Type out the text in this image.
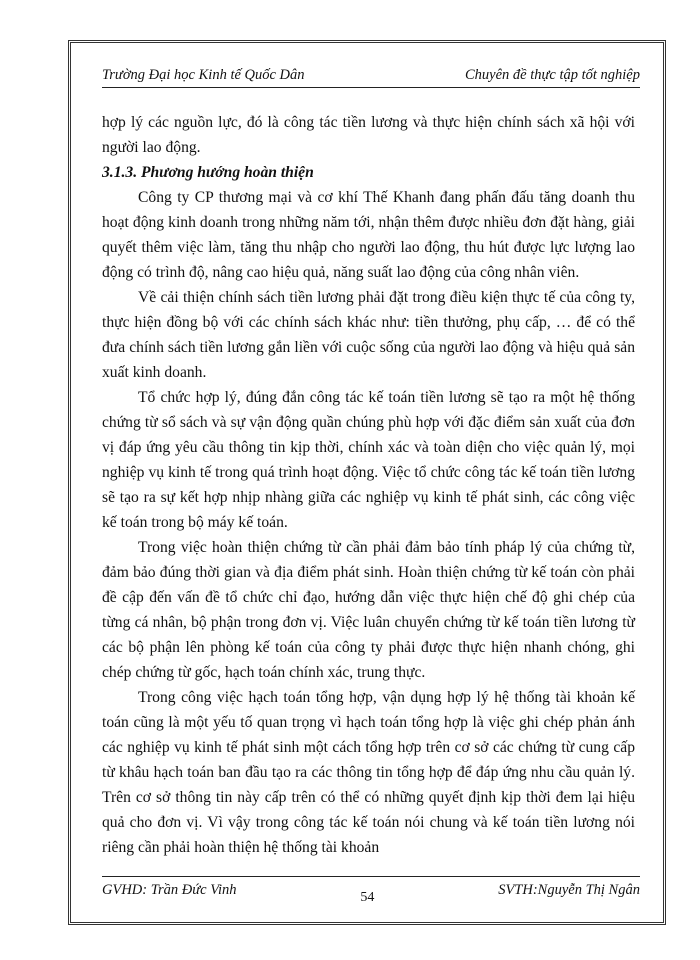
Trường Đại học Kinh tế Quốc Dân	Chuyên đề thực tập tốt nghiệp

hợp lý các nguồn lực, đó là công tác tiền lương và thực hiện chính sách xã hội với người lao động.

3.1.3. Phương hướng hoàn thiện

Công ty CP thương mại và cơ khí Thế Khanh đang phấn đấu tăng doanh thu hoạt động kinh doanh trong những năm tới, nhận thêm được nhiều đơn đặt hàng, giải quyết thêm việc làm, tăng thu nhập cho người lao động, thu hút được lực lượng lao động có trình độ, nâng cao hiệu quả, năng suất lao động của công nhân viên.

Về cải thiện chính sách tiền lương phải đặt trong điều kiện thực tế của công ty, thực hiện đồng bộ với các chính sách khác như: tiền thưởng, phụ cấp, … để có thể đưa chính sách tiền lương gắn liền với cuộc sống của người lao động và hiệu quả sản xuất kinh doanh.

Tổ chức hợp lý, đúng đắn công tác kế toán tiền lương sẽ tạo ra một hệ thống chứng từ sổ sách và sự vận động quần chúng phù hợp với đặc điểm sản xuất của đơn vị đáp ứng yêu cầu thông tin kịp thời, chính xác và toàn diện cho việc quản lý, mọi nghiệp vụ kinh tế trong quá trình hoạt động. Việc tổ chức công tác kế toán tiền lương sẽ tạo ra sự kết hợp nhịp nhàng giữa các nghiệp vụ kinh tế phát sinh, các công việc kế toán trong bộ máy kế toán.

Trong việc hoàn thiện chứng từ cần phải đảm bảo tính pháp lý của chứng từ, đảm bảo đúng thời gian và địa điểm phát sinh. Hoàn thiện chứng từ kế toán còn phải đề cập đến vấn đề tổ chức chỉ đạo, hướng dẫn việc thực hiện chế độ ghi chép của từng cá nhân, bộ phận trong đơn vị. Việc luân chuyển chứng từ kế toán tiền lương từ các bộ phận lên phòng kế toán của công ty phải được thực hiện nhanh chóng, ghi chép chứng từ gốc, hạch toán chính xác, trung thực.

Trong công việc hạch toán tổng hợp, vận dụng hợp lý hệ thống tài khoản kế toán cũng là một yếu tố quan trọng vì hạch toán tổng hợp là việc ghi chép phản ánh các nghiệp vụ kinh tế phát sinh một cách tổng hợp trên cơ sở các chứng từ cung cấp từ khâu hạch toán ban đầu tạo ra các thông tin tổng hợp để đáp ứng nhu cầu quản lý. Trên cơ sở thông tin này cấp trên có thể có những quyết định kịp thời đem lại hiệu quả cho đơn vị. Vì vậy trong công tác kế toán nói chung và kế toán tiền lương nói riêng cần phải hoàn thiện hệ thống tài khoản

GVHD: Trần Đức Vinh	54	SVTH:Nguyễn Thị Ngân
